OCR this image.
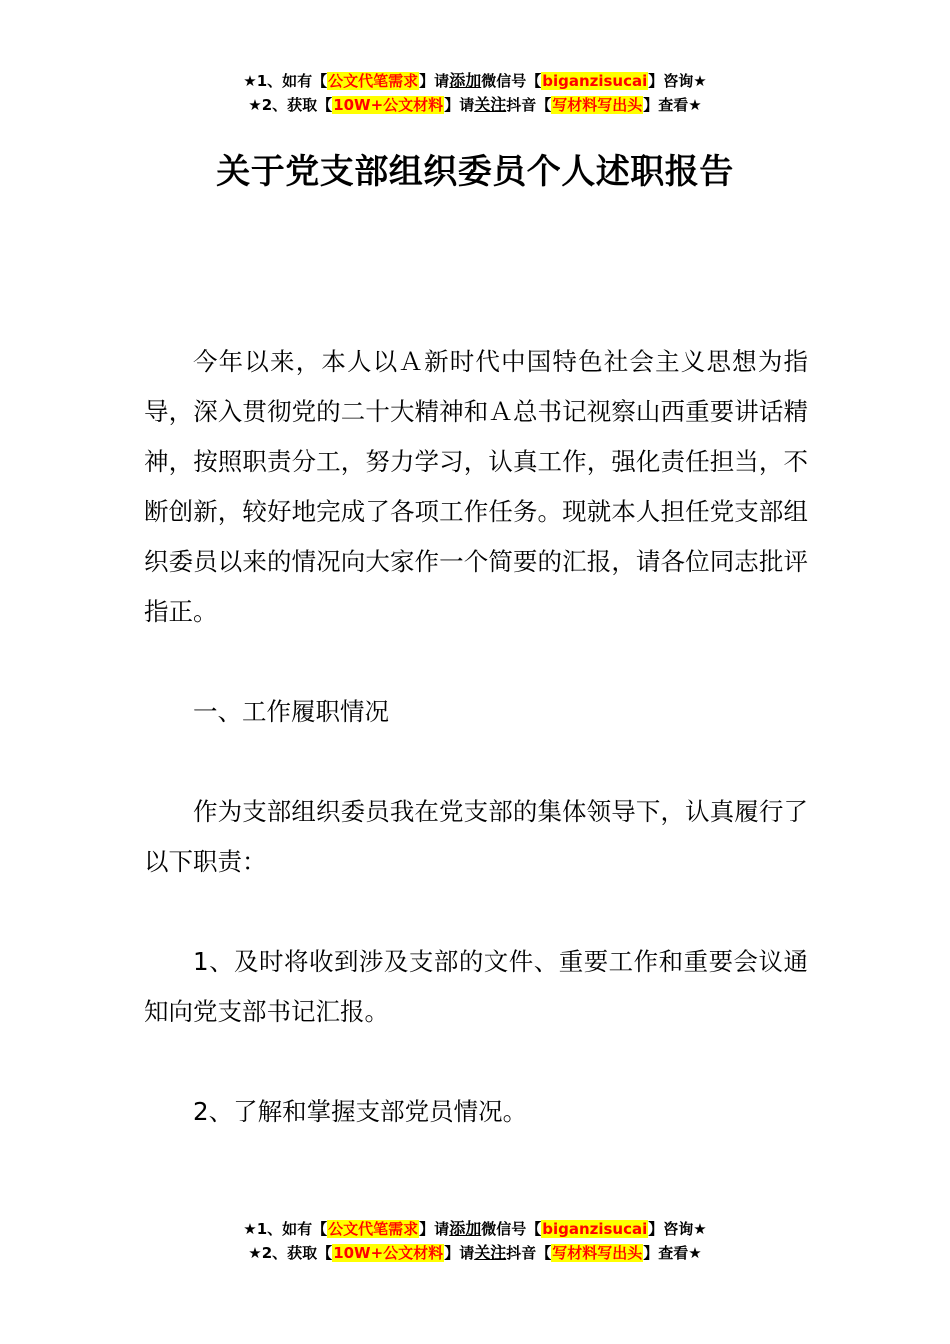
★1、如有【公文代笔需求】请添加微信号【biganzisucai】咨询★
★2、获取【10W+公文材料】请关注抖音【写材料写出头】查看★
关于党支部组织委员个人述职报告

今年以来，本人以Ａ新时代中国特色社会主义思想为指导，深入贯彻党的二十大精神和Ａ总书记视察山西重要讲话精神，按照职责分工，努力学习，认真工作，强化责任担当，不断创新，较好地完成了各项工作任务。现就本人担任党支部组织委员以来的情况向大家作一个简要的汇报，请各位同志批评指正。

一、工作履职情况

作为支部组织委员我在党支部的集体领导下，认真履行了以下职责：

1、及时将收到涉及支部的文件、重要工作和重要会议通知向党支部书记汇报。

2、了解和掌握支部党员情况。

★1、如有【公文代笔需求】请添加微信号【biganzisucai】咨询★
★2、获取【10W+公文材料】请关注抖音【写材料写出头】查看★
